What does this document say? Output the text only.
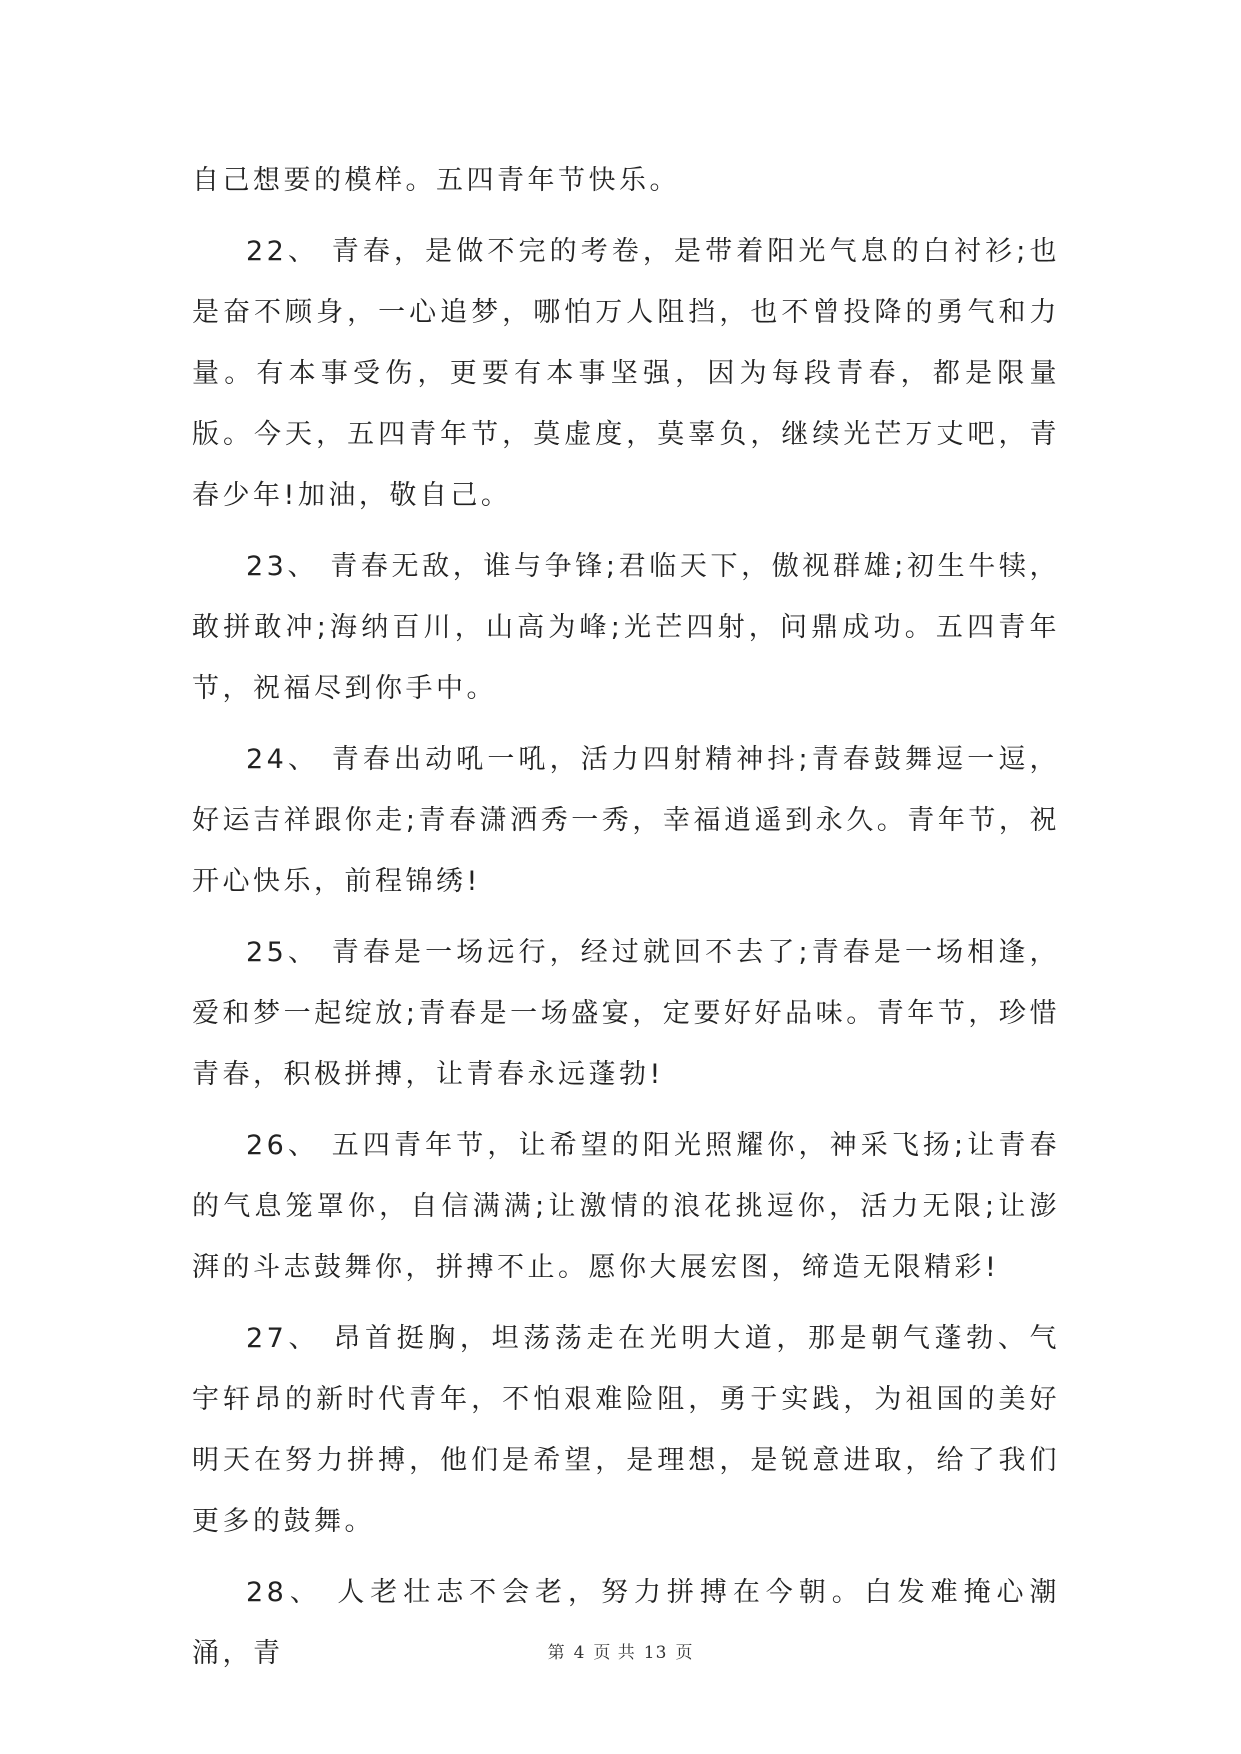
自己想要的模样。五四青年节快乐。

22、 青春，是做不完的考卷，是带着阳光气息的白衬衫;也是奋不顾身，一心追梦，哪怕万人阻挡，也不曾投降的勇气和力量。有本事受伤，更要有本事坚强，因为每段青春，都是限量版。今天，五四青年节，莫虚度，莫辜负，继续光芒万丈吧，青春少年!加油，敬自己。

23、 青春无敌，谁与争锋;君临天下，傲视群雄;初生牛犊，敢拼敢冲;海纳百川，山高为峰;光芒四射，问鼎成功。五四青年节，祝福尽到你手中。

24、 青春出动吼一吼，活力四射精神抖;青春鼓舞逗一逗，好运吉祥跟你走;青春潇洒秀一秀，幸福逍遥到永久。青年节，祝开心快乐，前程锦绣!

25、 青春是一场远行，经过就回不去了;青春是一场相逢，爱和梦一起绽放;青春是一场盛宴，定要好好品味。青年节，珍惜青春，积极拼搏，让青春永远蓬勃!

26、 五四青年节，让希望的阳光照耀你，神采飞扬;让青春的气息笼罩你，自信满满;让激情的浪花挑逗你，活力无限;让澎湃的斗志鼓舞你，拼搏不止。愿你大展宏图，缔造无限精彩!

27、 昂首挺胸，坦荡荡走在光明大道，那是朝气蓬勃、气宇轩昂的新时代青年，不怕艰难险阻，勇于实践，为祖国的美好明天在努力拼搏，他们是希望，是理想，是锐意进取，给了我们更多的鼓舞。

28、 人老壮志不会老，努力拼搏在今朝。白发难掩心潮涌，青	第 4 页 共 13 页
